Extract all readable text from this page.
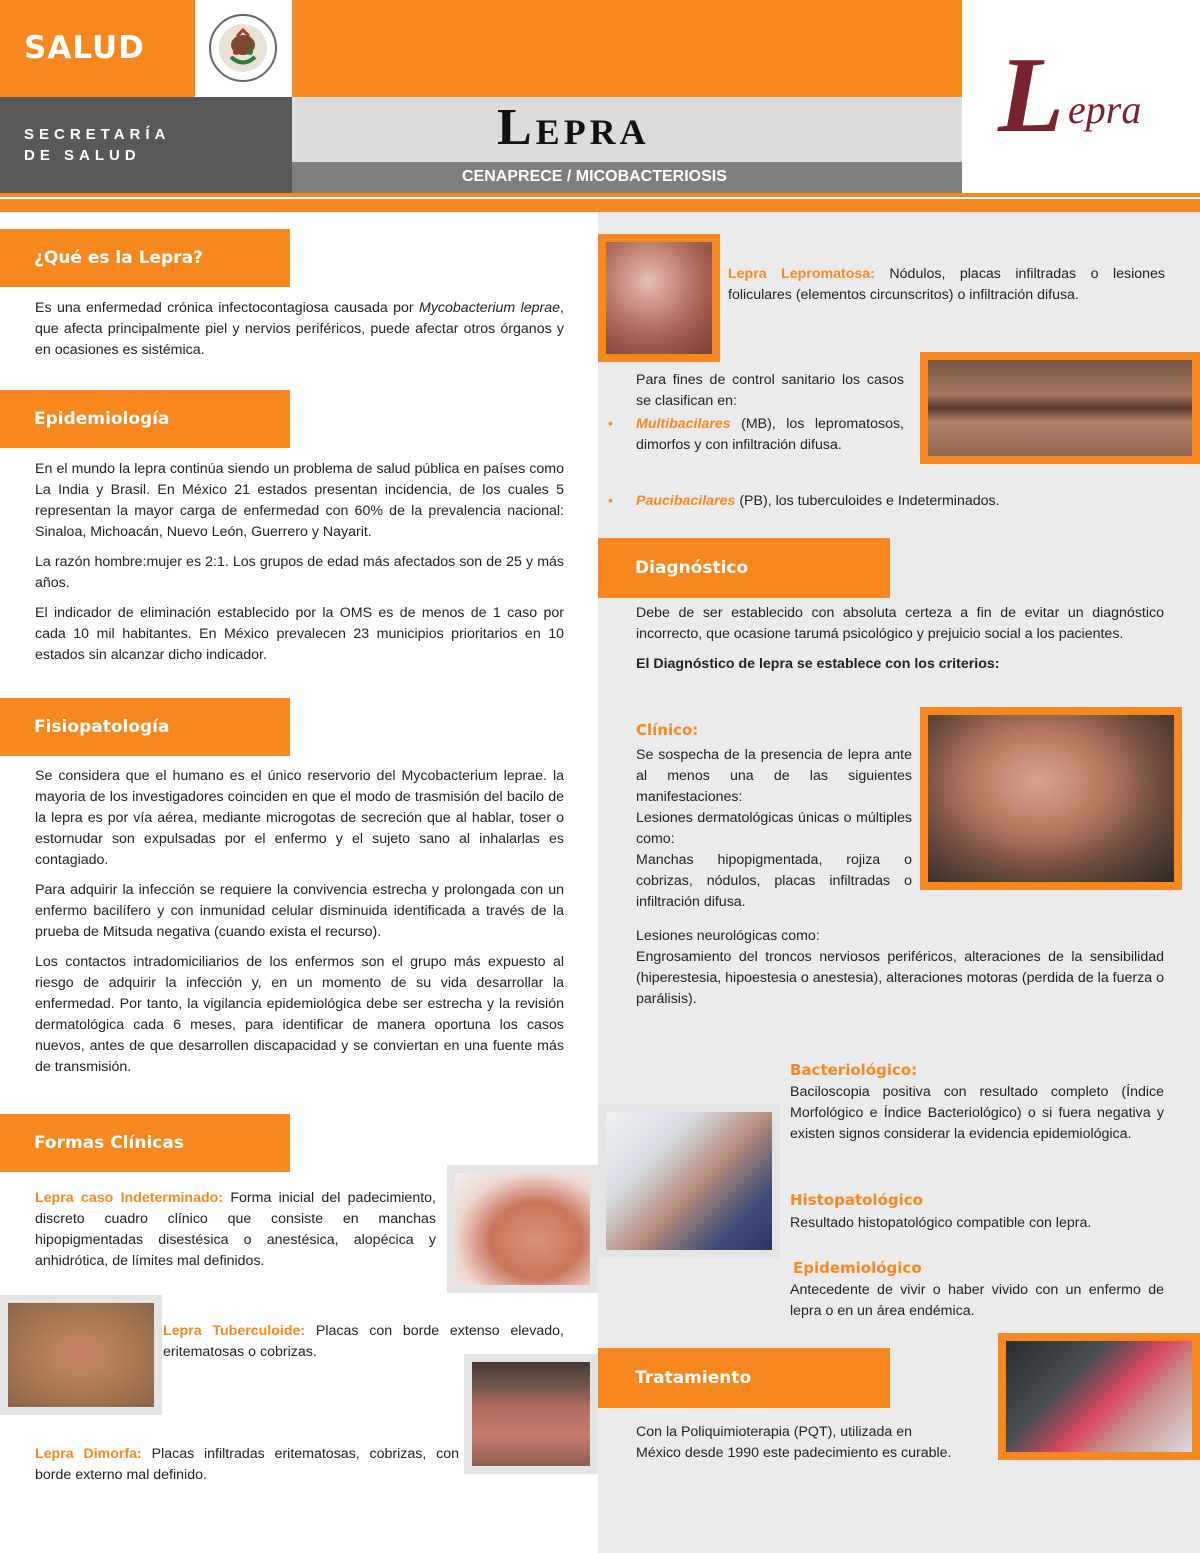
SALUD
SECRETARÍA
DE SALUD	Lepra
CENAPRECE / MICOBACTERIOSIS
L epra
¿Qué es la Lepra?

Es una enfermedad crónica infectocontagiosa causada por Mycobacterium leprae, que afecta principalmente piel y nervios periféricos, puede afectar otros órganos y en ocasiones es sistémica.

Epidemiología

En el mundo la lepra continúa siendo un problema de salud pública en países como La India y Brasil. En México 21 estados presentan incidencia, de los cuales 5 representan la mayor carga de enfermedad con 60% de la prevalencia nacional: Sinaloa, Michoacán, Nuevo León, Guerrero y Nayarit.

La razón hombre:mujer es 2:1. Los grupos de edad más afectados son de 25 y más años.

El indicador de eliminación establecido por la OMS es de menos de 1 caso por cada 10 mil habitantes. En México prevalecen 23 municipios prioritarios en 10 estados sin alcanzar dicho indicador.

Fisiopatología

Se considera que el humano es el único reservorio del Mycobacterium leprae. la mayoria de los investigadores coinciden en que el modo de trasmisión del bacilo de la lepra es por vía aérea, mediante microgotas de secreción que al hablar, toser o estornudar son expulsadas por el enfermo y el sujeto sano al inhalarlas es contagiado.

Para adquirir la infección se requiere la convivencia estrecha y prolongada con un enfermo bacilífero y con inmunidad celular disminuida identificada a través de la prueba de Mitsuda negativa (cuando exista el recurso).

Los contactos intradomiciliarios de los enfermos son el grupo más expuesto al riesgo de adquirir la infección y, en un momento de su vida desarrollar la enfermedad. Por tanto, la vigilancia epidemiológica debe ser estrecha y la revisión dermatológica cada 6 meses, para identificar de manera oportuna los casos nuevos, antes de que desarrollen discapacidad y se conviertan en una fuente más de transmisión.

Formas Clínicas
Lepra caso Indeterminado: Forma inicial del padecimiento, discreto cuadro clínico que consiste en manchas hipopigmentadas disestésica o anestésica, alopécica y anhidrótica, de límites mal definidos.
Lepra Tuberculoide: Placas con borde extenso elevado, eritematosas o cobrizas.
Lepra Dimorfa: Placas infiltradas eritematosas, cobrizas, con borde externo mal definido.
Lepra Lepromatosa: Nódulos, placas infiltradas o lesiones foliculares (elementos circunscritos) o infiltración difusa.

Para fines de control sanitario los casos se clasifican en:

• Multibacilares (MB), los lepromatosos, dimorfos y con infiltración difusa.
• Paucibacilares (PB), los tuberculoides e Indeterminados.
Diagnóstico

Debe de ser establecido con absoluta certeza a fin de evitar un diagnóstico incorrecto, que ocasione tarumá psicológico y prejuicio social a los pacientes.

El Diagnóstico de lepra se establece con los criterios:

Clínico:

Se sospecha de la presencia de lepra ante al menos una de las siguientes manifestaciones:

Lesiones dermatológicas únicas o múltiples como:

Manchas hipopigmentada, rojiza o cobrizas, nódulos, placas infiltradas o infiltración difusa.

Lesiones neurológicas como:

Engrosamiento del troncos nerviosos periféricos, alteraciones de la sensibilidad (hiperestesia, hipoestesia o anestesia), alteraciones motoras (perdida de la fuerza o parálisis).

Bacteriológico:
Baciloscopia positiva con resultado completo (Índice Morfológico e Índice Bacteriológico) o si fuera negativa y existen signos considerar la evidencia epidemiológica.
Histopatológico
Resultado histopatológico compatible con lepra.
Epidemiológico
Antecedente de vivir o haber vivido con un enfermo de lepra o en un área endémica.
Tratamiento
Con la Poliquimioterapia (PQT), utilizada en México desde 1990 este padecimiento es curable.
